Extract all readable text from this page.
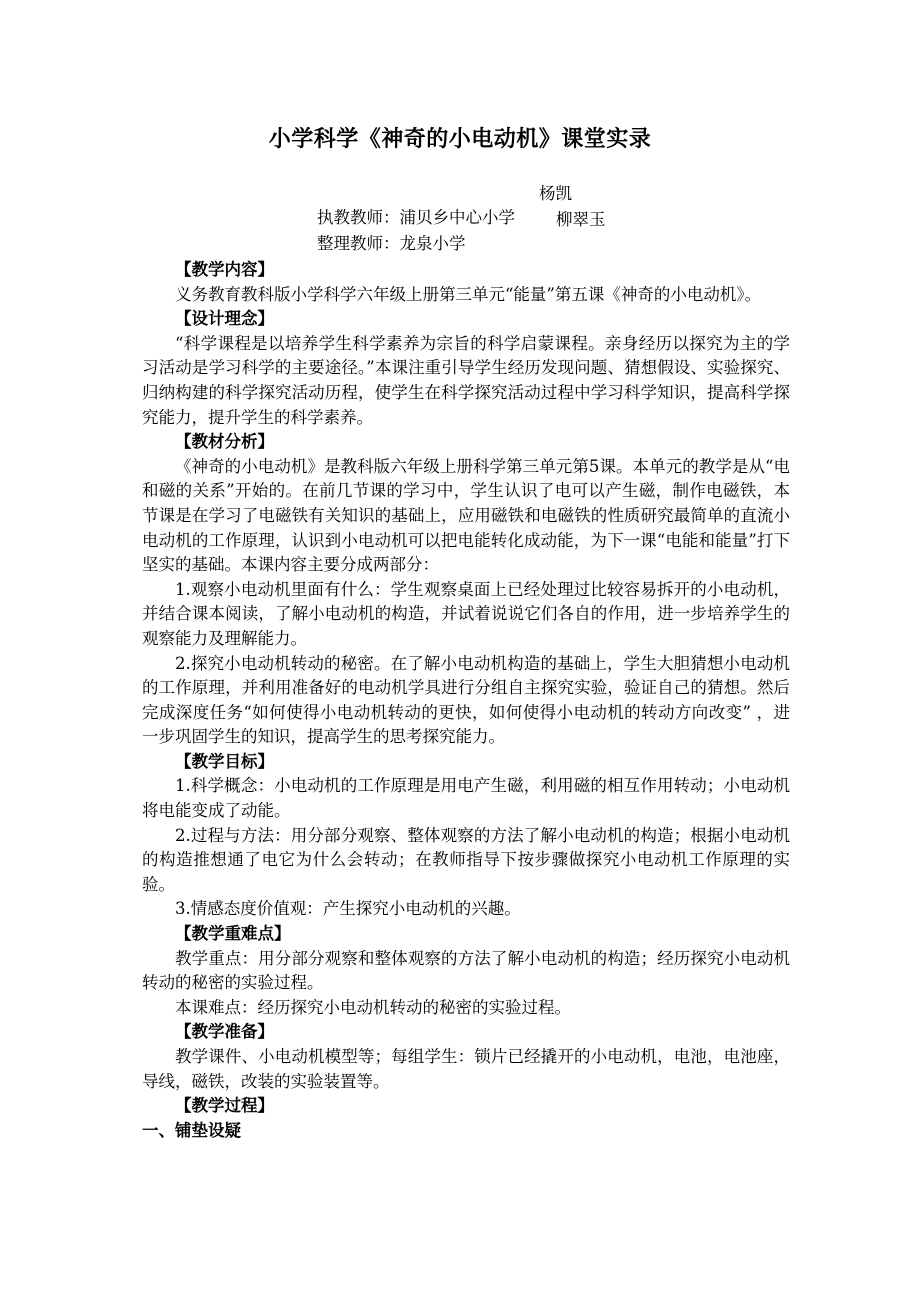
小学科学《神奇的小电动机》课堂实录

执教教师：浦贝乡中心小学

杨凯

整理教师：龙泉小学

柳翠玉

【教学内容】

义务教育教科版小学科学六年级上册第三单元“能量”第五课《神奇的小电动机》。

【设计理念】

“科学课程是以培养学生科学素养为宗旨的科学启蒙课程。亲身经历以探究为主的学习活动是学习科学的主要途径。”本课注重引导学生经历发现问题、猜想假设、实验探究、归纳构建的科学探究活动历程，使学生在科学探究活动过程中学习科学知识，提高科学探究能力，提升学生的科学素养。

【教材分析】

《神奇的小电动机》是教科版六年级上册科学第三单元第5课。本单元的教学是从“电和磁的关系”开始的。在前几节课的学习中，学生认识了电可以产生磁，制作电磁铁，本节课是在学习了电磁铁有关知识的基础上，应用磁铁和电磁铁的性质研究最简单的直流小电动机的工作原理，认识到小电动机可以把电能转化成动能，为下一课“电能和能量”打下坚实的基础。本课内容主要分成两部分：

1.观察小电动机里面有什么：学生观察桌面上已经处理过比较容易拆开的小电动机，并结合课本阅读，了解小电动机的构造，并试着说说它们各自的作用，进一步培养学生的观察能力及理解能力。

2.探究小电动机转动的秘密。在了解小电动机构造的基础上，学生大胆猜想小电动机的工作原理，并利用准备好的电动机学具进行分组自主探究实验，验证自己的猜想。然后完成深度任务“如何使得小电动机转动的更快，如何使得小电动机的转动方向改变” ，进一步巩固学生的知识，提高学生的思考探究能力。

【教学目标】

1.科学概念：小电动机的工作原理是用电产生磁，利用磁的相互作用转动；小电动机将电能变成了动能。

2.过程与方法：用分部分观察、整体观察的方法了解小电动机的构造；根据小电动机的构造推想通了电它为什么会转动；在教师指导下按步骤做探究小电动机工作原理的实验。

3.情感态度价值观：产生探究小电动机的兴趣。

【教学重难点】

教学重点：用分部分观察和整体观察的方法了解小电动机的构造；经历探究小电动机转动的秘密的实验过程。

本课难点：经历探究小电动机转动的秘密的实验过程。

【教学准备】

教学课件、小电动机模型等；每组学生：锁片已经撬开的小电动机，电池，电池座，导线，磁铁，改装的实验装置等。

【教学过程】

一、铺垫设疑
